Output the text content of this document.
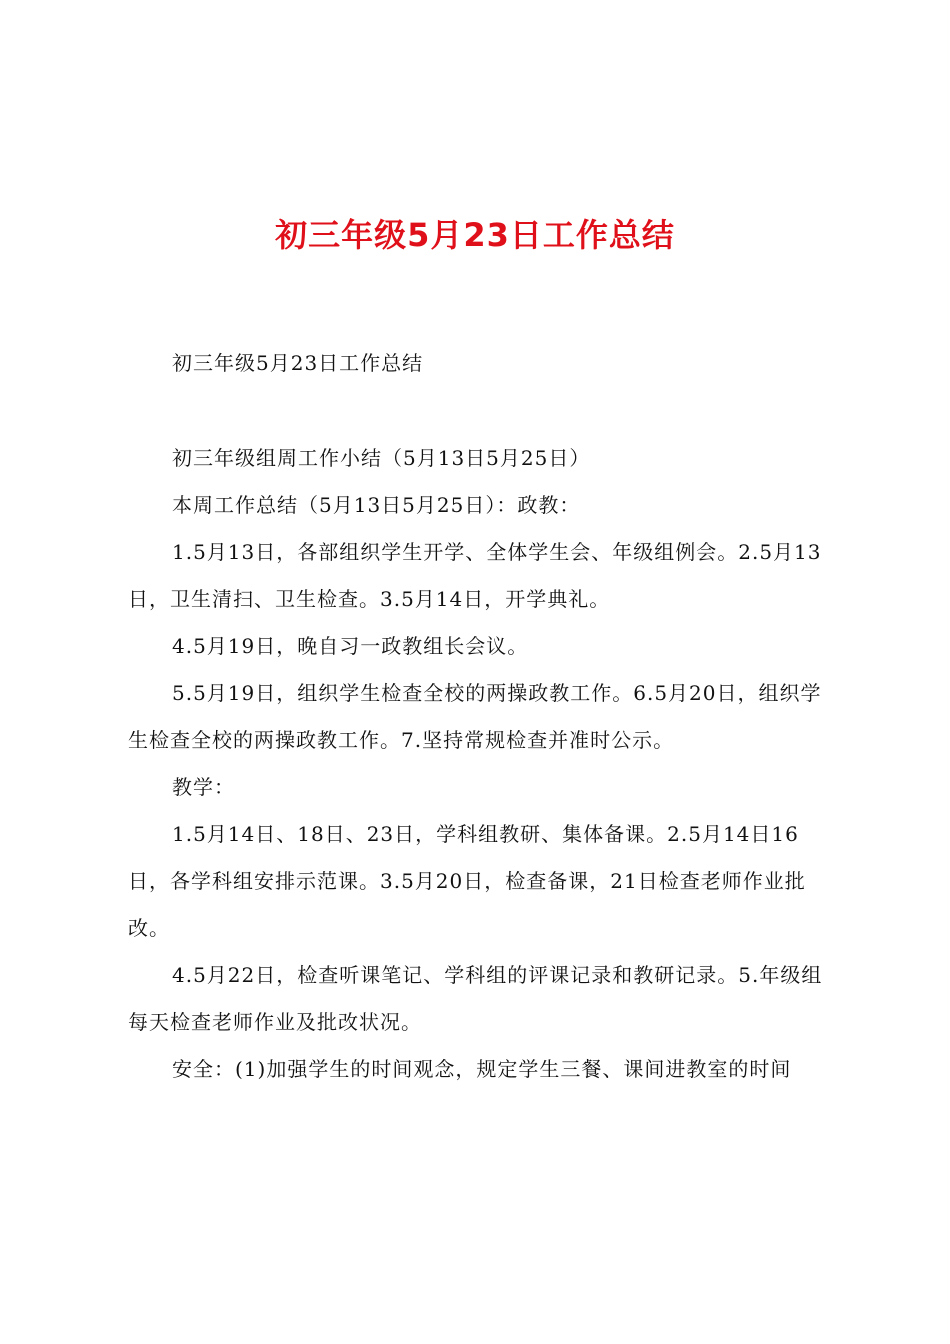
初三年级5月23日工作总结

初三年级5月23日工作总结

初三年级组周工作小结（5月13日5月25日）

本周工作总结（5月13日5月25日）：政教：

1.5月13日，各部组织学生开学、全体学生会、年级组例会。2.5月13日，卫生清扫、卫生检查。3.5月14日，开学典礼。

4.5月19日，晚自习一政教组长会议。

5.5月19日，组织学生检查全校的两操政教工作。6.5月20日，组织学生检查全校的两操政教工作。7.坚持常规检查并准时公示。

教学：

1.5月14日、18日、23日，学科组教研、集体备课。2.5月14日16日，各学科组安排示范课。3.5月20日，检查备课，21日检查老师作业批改。

4.5月22日，检查听课笔记、学科组的评课记录和教研记录。5.年级组每天检查老师作业及批改状况。

安全：(1)加强学生的时间观念，规定学生三餐、课间进教室的时间
